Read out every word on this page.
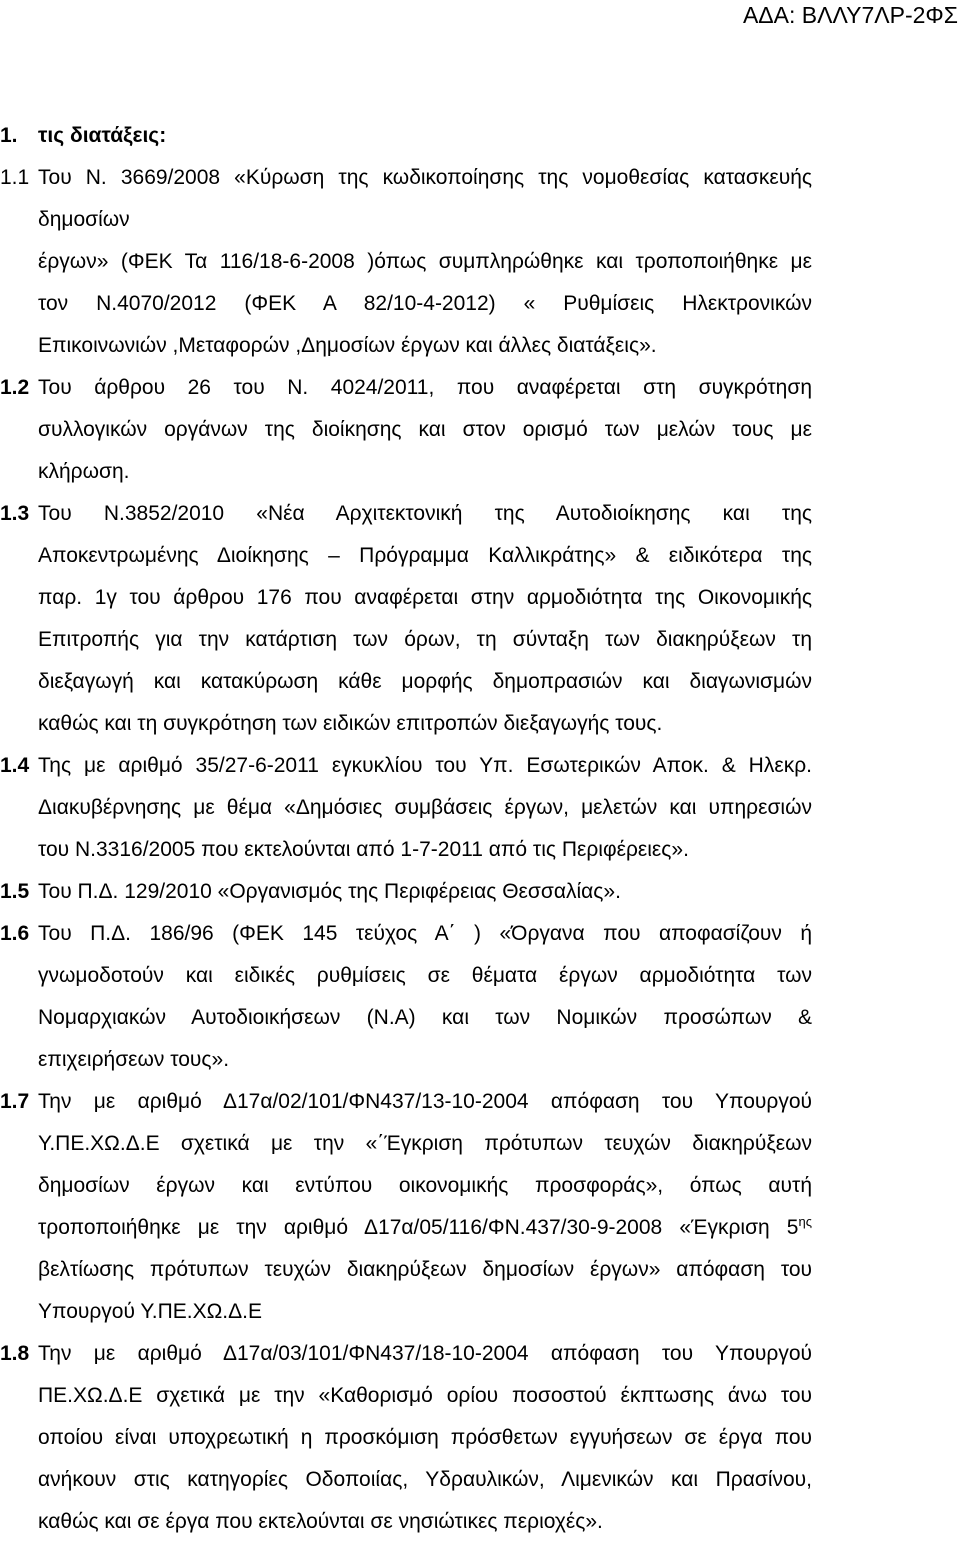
ΑΔΑ: ΒΛΛΥ7ΛΡ-2ΦΣ
1. τις διατάξεις:
1.1 Του Ν. 3669/2008 «Κύρωση της κωδικοποίησης της νομοθεσίας κατασκευής
δημοσίων
έργων» (ΦΕΚ Τα 116/18-6-2008 )όπως συμπληρώθηκε και τροποποιήθηκε με
τον Ν.4070/2012 (ΦΕΚ Α 82/10-4-2012) « Ρυθμίσεις Ηλεκτρονικών
Επικοινωνιών ,Μεταφορών ,Δημοσίων έργων και άλλες διατάξεις».
1.2 Του άρθρου 26 του Ν. 4024/2011, που αναφέρεται στη συγκρότηση
συλλογικών οργάνων της διοίκησης και στον ορισμό των μελών τους με
κλήρωση.
1.3 Του Ν.3852/2010 «Νέα Αρχιτεκτονική της Αυτοδιοίκησης και της
Αποκεντρωμένης Διοίκησης – Πρόγραμμα Καλλικράτης» & ειδικότερα της
παρ. 1γ του άρθρου 176 που αναφέρεται στην αρμοδιότητα της Οικονομικής
Επιτροπής για την κατάρτιση των όρων, τη σύνταξη των διακηρύξεων τη
διεξαγωγή και κατακύρωση κάθε μορφής δημοπρασιών και διαγωνισμών
καθώς και τη συγκρότηση των ειδικών επιτροπών διεξαγωγής τους.
1.4 Της με αριθμό 35/27-6-2011 εγκυκλίου του Υπ. Εσωτερικών Αποκ. & Ηλεκρ.
Διακυβέρνησης με θέμα «Δημόσιες συμβάσεις έργων, μελετών και υπηρεσιών
του Ν.3316/2005 που εκτελούνται από 1-7-2011 από τις Περιφέρειες».
1.5 Του Π.Δ. 129/2010 «Οργανισμός της Περιφέρειας Θεσσαλίας».
1.6 Του Π.Δ. 186/96 (ΦΕΚ 145 τεύχος Α΄ ) «Όργανα που αποφασίζουν ή
γνωμοδοτούν και ειδικές ρυθμίσεις σε θέματα έργων αρμοδιότητα των
Νομαρχιακών Αυτοδιοικήσεων (Ν.Α) και των Νομικών προσώπων &
επιχειρήσεων τους».
1.7 Την με αριθμό Δ17α/02/101/ΦΝ437/13-10-2004 απόφαση του Υπουργού
Υ.ΠΕ.ΧΩ.Δ.Ε σχετικά με την «΄Έγκριση πρότυπων τευχών διακηρύξεων
δημοσίων έργων και εντύπου οικονομικής προσφοράς», όπως αυτή
τροποποιήθηκε με την αριθμό Δ17α/05/116/ΦΝ.437/30-9-2008 «Έγκριση $5^{\eta\varsigma}$
βελτίωσης πρότυπων τευχών διακηρύξεων δημοσίων έργων» απόφαση του
Υπουργού Υ.ΠΕ.ΧΩ.Δ.Ε
1.8 Την με αριθμό Δ17α/03/101/ΦΝ437/18-10-2004 απόφαση του Υπουργού
ΠΕ.ΧΩ.Δ.Ε σχετικά με την «Καθορισμό ορίου ποσοστού έκπτωσης άνω του
οποίου είναι υποχρεωτική η προσκόμιση πρόσθετων εγγυήσεων σε έργα που
ανήκουν στις κατηγορίες Οδοποιίας, Υδραυλικών, Λιμενικών και Πρασίνου,
καθώς και σε έργα που εκτελούνται σε νησιώτικες περιοχές».
